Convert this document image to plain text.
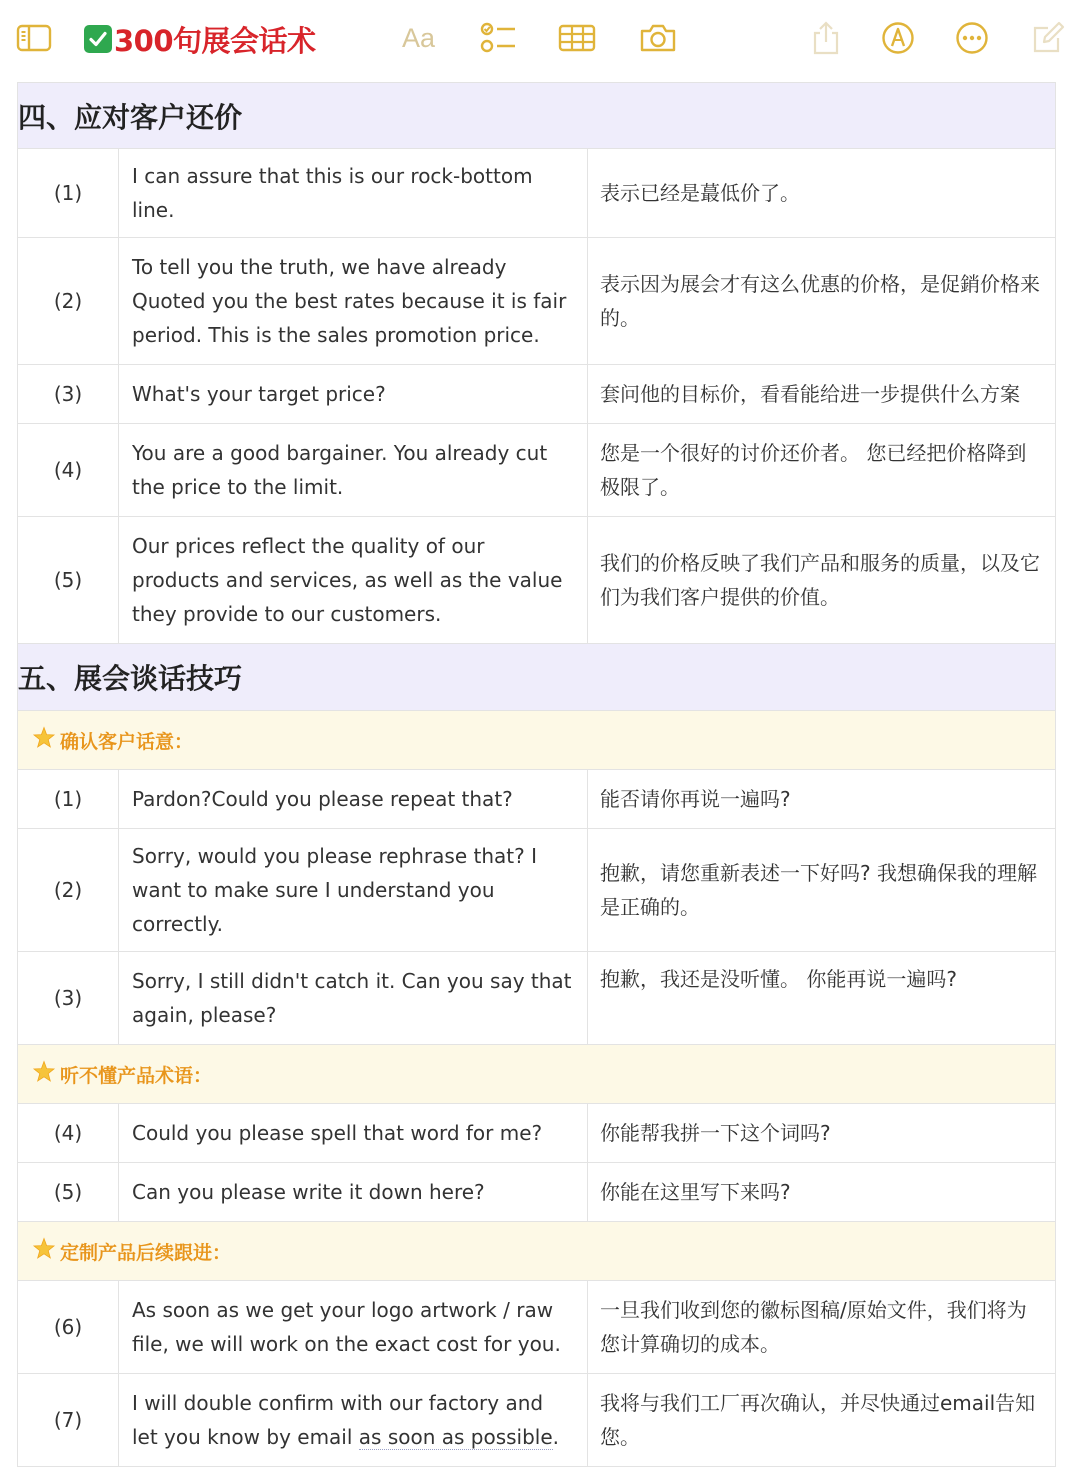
300句展会话术	Aa
四、应对客户还价		
(1)	I can assure that this is our rock-bottom line.	表示已经是蕞低价了。
(2)	To tell you the truth, we have already Quoted you the best rates because it is fair period. This is the sales promotion price.	表示因为展会才有这么优惠的价格，是促銷价格来的。
(3)	What's your target price?	套问他的目标价，看看能给进一步提供什么方案
(4)	You are a good bargainer. You already cut the price to the limit.	您是一个很好的讨价还价者。 您已经把价格降到极限了。
(5)	Our prices reflect the quality of our products and services, as well as the value they provide to our customers.	我们的价格反映了我们产品和服务的质量，以及它们为我们客户提供的价值。
五、展会谈话技巧		

确认客户话意：		

(1)	Pardon?Could you please repeat that?	能否请你再说一遍吗?
(2)	Sorry, would you please rephrase that? I want to make sure I understand you correctly.	抱歉，请您重新表述一下好吗? 我想确保我的理解是正确的。
(3)	Sorry, I still didn't catch it. Can you say that again, please?	抱歉，我还是没听懂。 你能再说一遍吗?

听不懂产品术语：		

(4)	Could you please spell that word for me?	你能帮我拼一下这个词吗?
(5)	Can you please write it down here?	你能在这里写下来吗?

定制产品后续跟进：		

(6)	As soon as we get your logo artwork / raw file, we will work on the exact cost for you.	一旦我们收到您的徽标图稿/原始文件，我们将为您计算确切的成本。
(7)	I will double confirm with our factory and let you know by email as soon as possible.	我将与我们工厂再次确认，并尽快通过email告知您。
